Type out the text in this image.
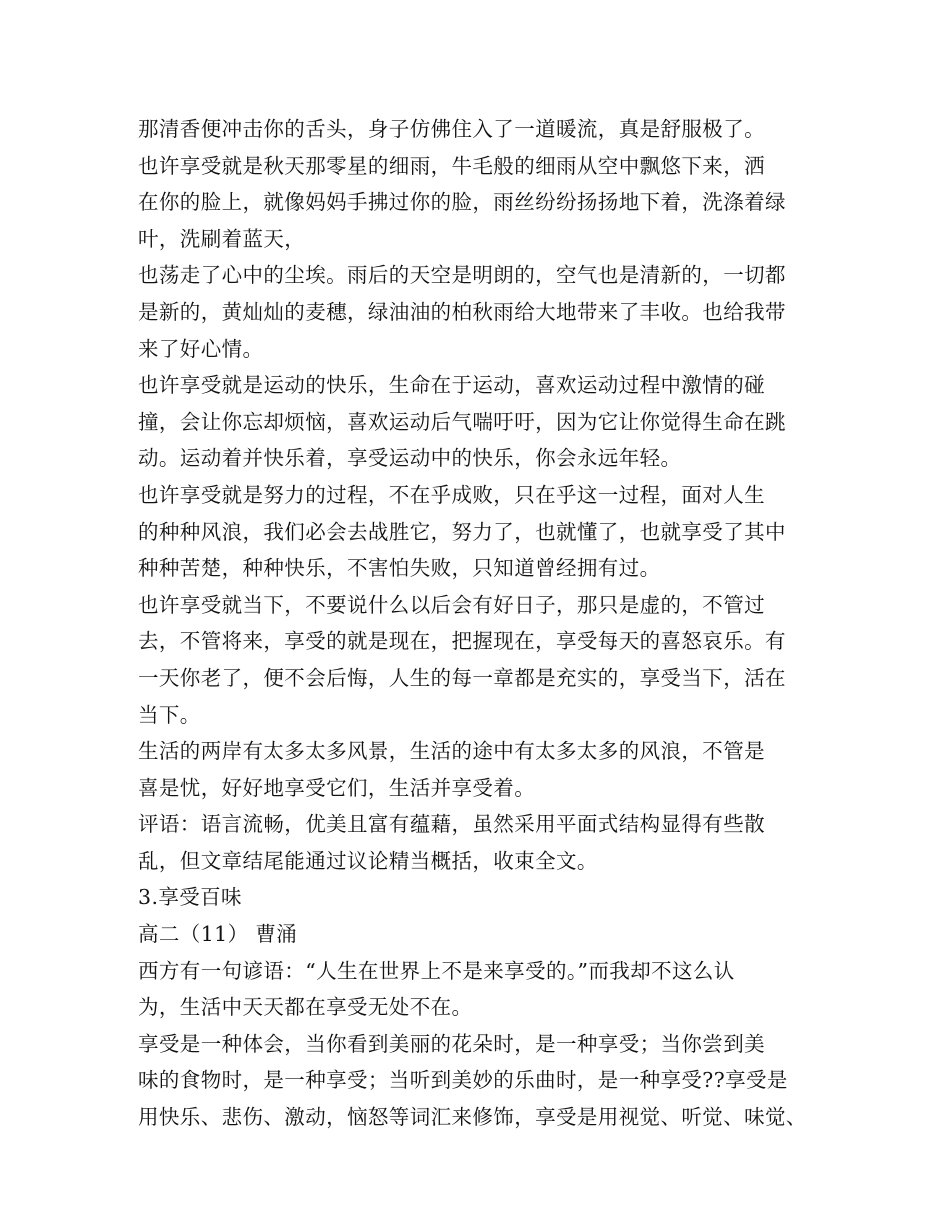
那清香便冲击你的舌头，身子仿佛住入了一道暖流，真是舒服极了。
也许享受就是秋天那零星的细雨，牛毛般的细雨从空中飘悠下来，洒
在你的脸上，就像妈妈手拂过你的脸，雨丝纷纷扬扬地下着，洗涤着绿
叶，洗刷着蓝天，
也荡走了心中的尘埃。雨后的天空是明朗的，空气也是清新的，一切都
是新的，黄灿灿的麦穗，绿油油的柏秋雨给大地带来了丰收。也给我带
来了好心情。
也许享受就是运动的快乐，生命在于运动，喜欢运动过程中激情的碰
撞，会让你忘却烦恼，喜欢运动后气喘吁吁，因为它让你觉得生命在跳
动。运动着并快乐着，享受运动中的快乐，你会永远年轻。
也许享受就是努力的过程，不在乎成败，只在乎这一过程，面对人生
的种种风浪，我们必会去战胜它，努力了，也就懂了，也就享受了其中
种种苦楚，种种快乐，不害怕失败，只知道曾经拥有过。
也许享受就当下，不要说什么以后会有好日子，那只是虚的，不管过
去，不管将来，享受的就是现在，把握现在，享受每天的喜怒哀乐。有
一天你老了，便不会后悔，人生的每一章都是充实的，享受当下，活在
当下。
生活的两岸有太多太多风景，生活的途中有太多太多的风浪，不管是
喜是忧，好好地享受它们，生活并享受着。
评语：语言流畅，优美且富有蕴藉，虽然采用平面式结构显得有些散
乱，但文章结尾能通过议论精当概括，收束全文。
3.享受百味
高二（11） 曹涌
西方有一句谚语：“人生在世界上不是来享受的。”而我却不这么认
为，生活中天天都在享受无处不在。
享受是一种体会，当你看到美丽的花朵时，是一种享受；当你尝到美
味的食物时，是一种享受；当听到美妙的乐曲时，是一种享受??享受是
用快乐、悲伤、激动，恼怒等词汇来修饰，享受是用视觉、听觉、味觉、
